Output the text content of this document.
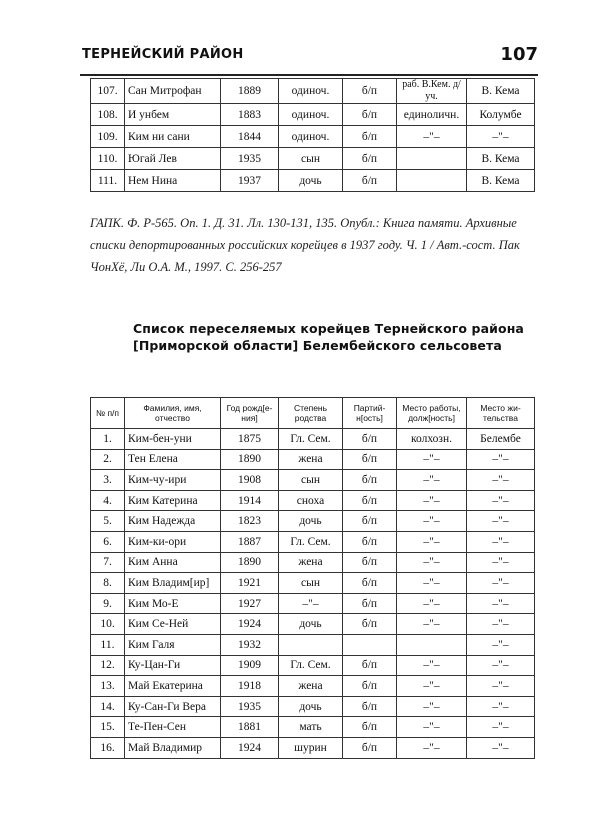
ТЕРНЕЙСКИЙ РАЙОН	107
107.	Сан Митрофан	1889	одиноч.	б/п	раб. В.Кем. д/уч.	В. Кема
108.	И унбем	1883	одиноч.	б/п	единоличн.	Колумбе
109.	Ким ни сани	1844	одиноч.	б/п	–"–	–"–
110.	Югай Лев	1935	сын	б/п		В. Кема
111.	Нем Нина	1937	дочь	б/п		В. Кема
ГАПК. Ф. Р-565. Оп. 1. Д. 31. Лл. 130-131, 135. Опубл.: Книга памяти. Архивные списки депортированных российских корейцев в 1937 году. Ч. 1 / Авт.-сост. Пак ЧонХё, Ли О.А. М., 1997. С. 256-257
Список переселяемых корейцев Тернейского района [Приморской области] Белембейского сельсовета
№ п/п	Фамилия, имя, отчество	Год рожд[е-ния]	Степень родства	Партий-н[ость]	Место работы, долж[ность]	Место жи-тельства
1.	Ким-бен-уни	1875	Гл. Сем.	б/п	колхозн.	Белембе
2.	Тен Елена	1890	жена	б/п	–"–	–"–
3.	Ким-чу-ири	1908	сын	б/п	–"–	–"–
4.	Ким Катерина	1914	сноха	б/п	–"–	–"–
5.	Ким Надежда	1823	дочь	б/п	–"–	–"–
6.	Ким-ки-ори	1887	Гл. Сем.	б/п	–"–	–"–
7.	Ким Анна	1890	жена	б/п	–"–	–"–
8.	Ким Владим[ир]	1921	сын	б/п	–"–	–"–
9.	Ким Мо-Е	1927	–"–	б/п	–"–	–"–
10.	Ким Се-Ней	1924	дочь	б/п	–"–	–"–
11.	Ким Галя	1932				–"–
12.	Ку-Цан-Ги	1909	Гл. Сем.	б/п	–"–	–"–
13.	Май Екатерина	1918	жена	б/п	–"–	–"–
14.	Ку-Сан-Ги Вера	1935	дочь	б/п	–"–	–"–
15.	Те-Пен-Сен	1881	мать	б/п	–"–	–"–
16.	Май Владимир	1924	шурин	б/п	–"–	–"–
